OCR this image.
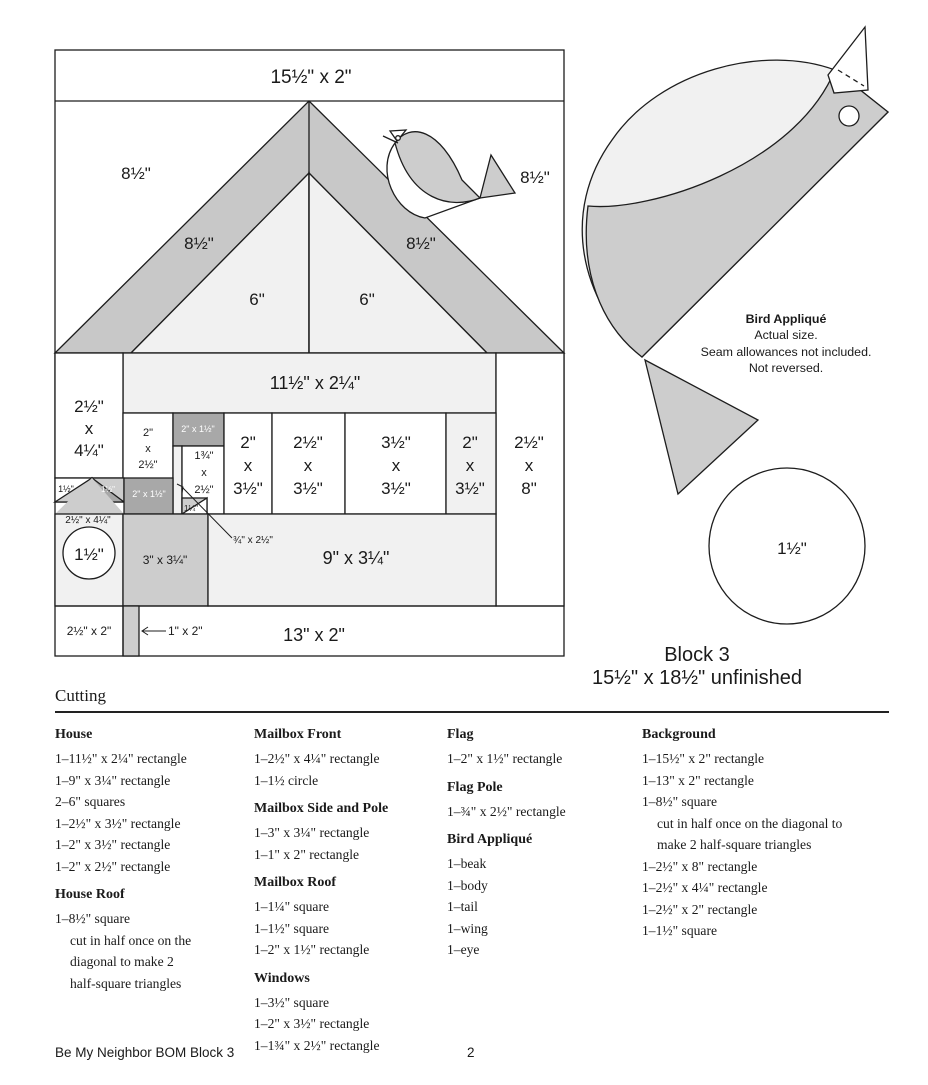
15½" x 2"
8½"	8½"
8½"	8½"
6"	6"
11½" x 2¼"
2½"
x
4¼"
2"
x
2½"
2" x 1½"
1¾"
x
2½"
2"
x
3½"
2½"
x
3½"
3½"
x
3½"
2"
x
3½"
2½"
x
8"
1½"	1½" 2" x 1½"
1¼"
2½" x 4¼"
1½"	3" x 3¼"
¾" x 2½"
9" x 3¼"
2½" x 2"	1" x 2"	13" x 2"
1½"
Bird Appliqué
Actual size.
Seam allowances not included.
Not reversed.
Block 3
15½" x 18½" unfinished
Cutting
House
1–11½" x 2¼" rectangle
1–9" x 3¼" rectangle
2–6" squares
1–2½" x 3½" rectangle
1–2" x 3½" rectangle
1–2" x 2½" rectangle
House Roof
1–8½" square
cut in half once on the
diagonal to make 2
half-square triangles
Mailbox Front
1–2½" x 4¼" rectangle
1–1½ circle
Mailbox Side and Pole
1–3" x 3¼" rectangle
1–1" x 2" rectangle
Mailbox Roof
1–1¼" square
1–1½" square
1–2" x 1½" rectangle
Windows
1–3½" square
1–2" x 3½" rectangle
1–1¾" x 2½" rectangle
Flag
1–2" x 1½" rectangle
Flag Pole
1–¾" x 2½" rectangle
Bird Appliqué
1–beak
1–body
1–tail
1–wing
1–eye
Background
1–15½" x 2" rectangle
1–13" x 2" rectangle
1–8½" square
cut in half once on the diagonal to
make 2 half-square triangles
1–2½" x 8" rectangle
1–2½" x 4¼" rectangle
1–2½" x 2" rectangle
1–1½" square
Be My Neighbor BOM Block 3	2
